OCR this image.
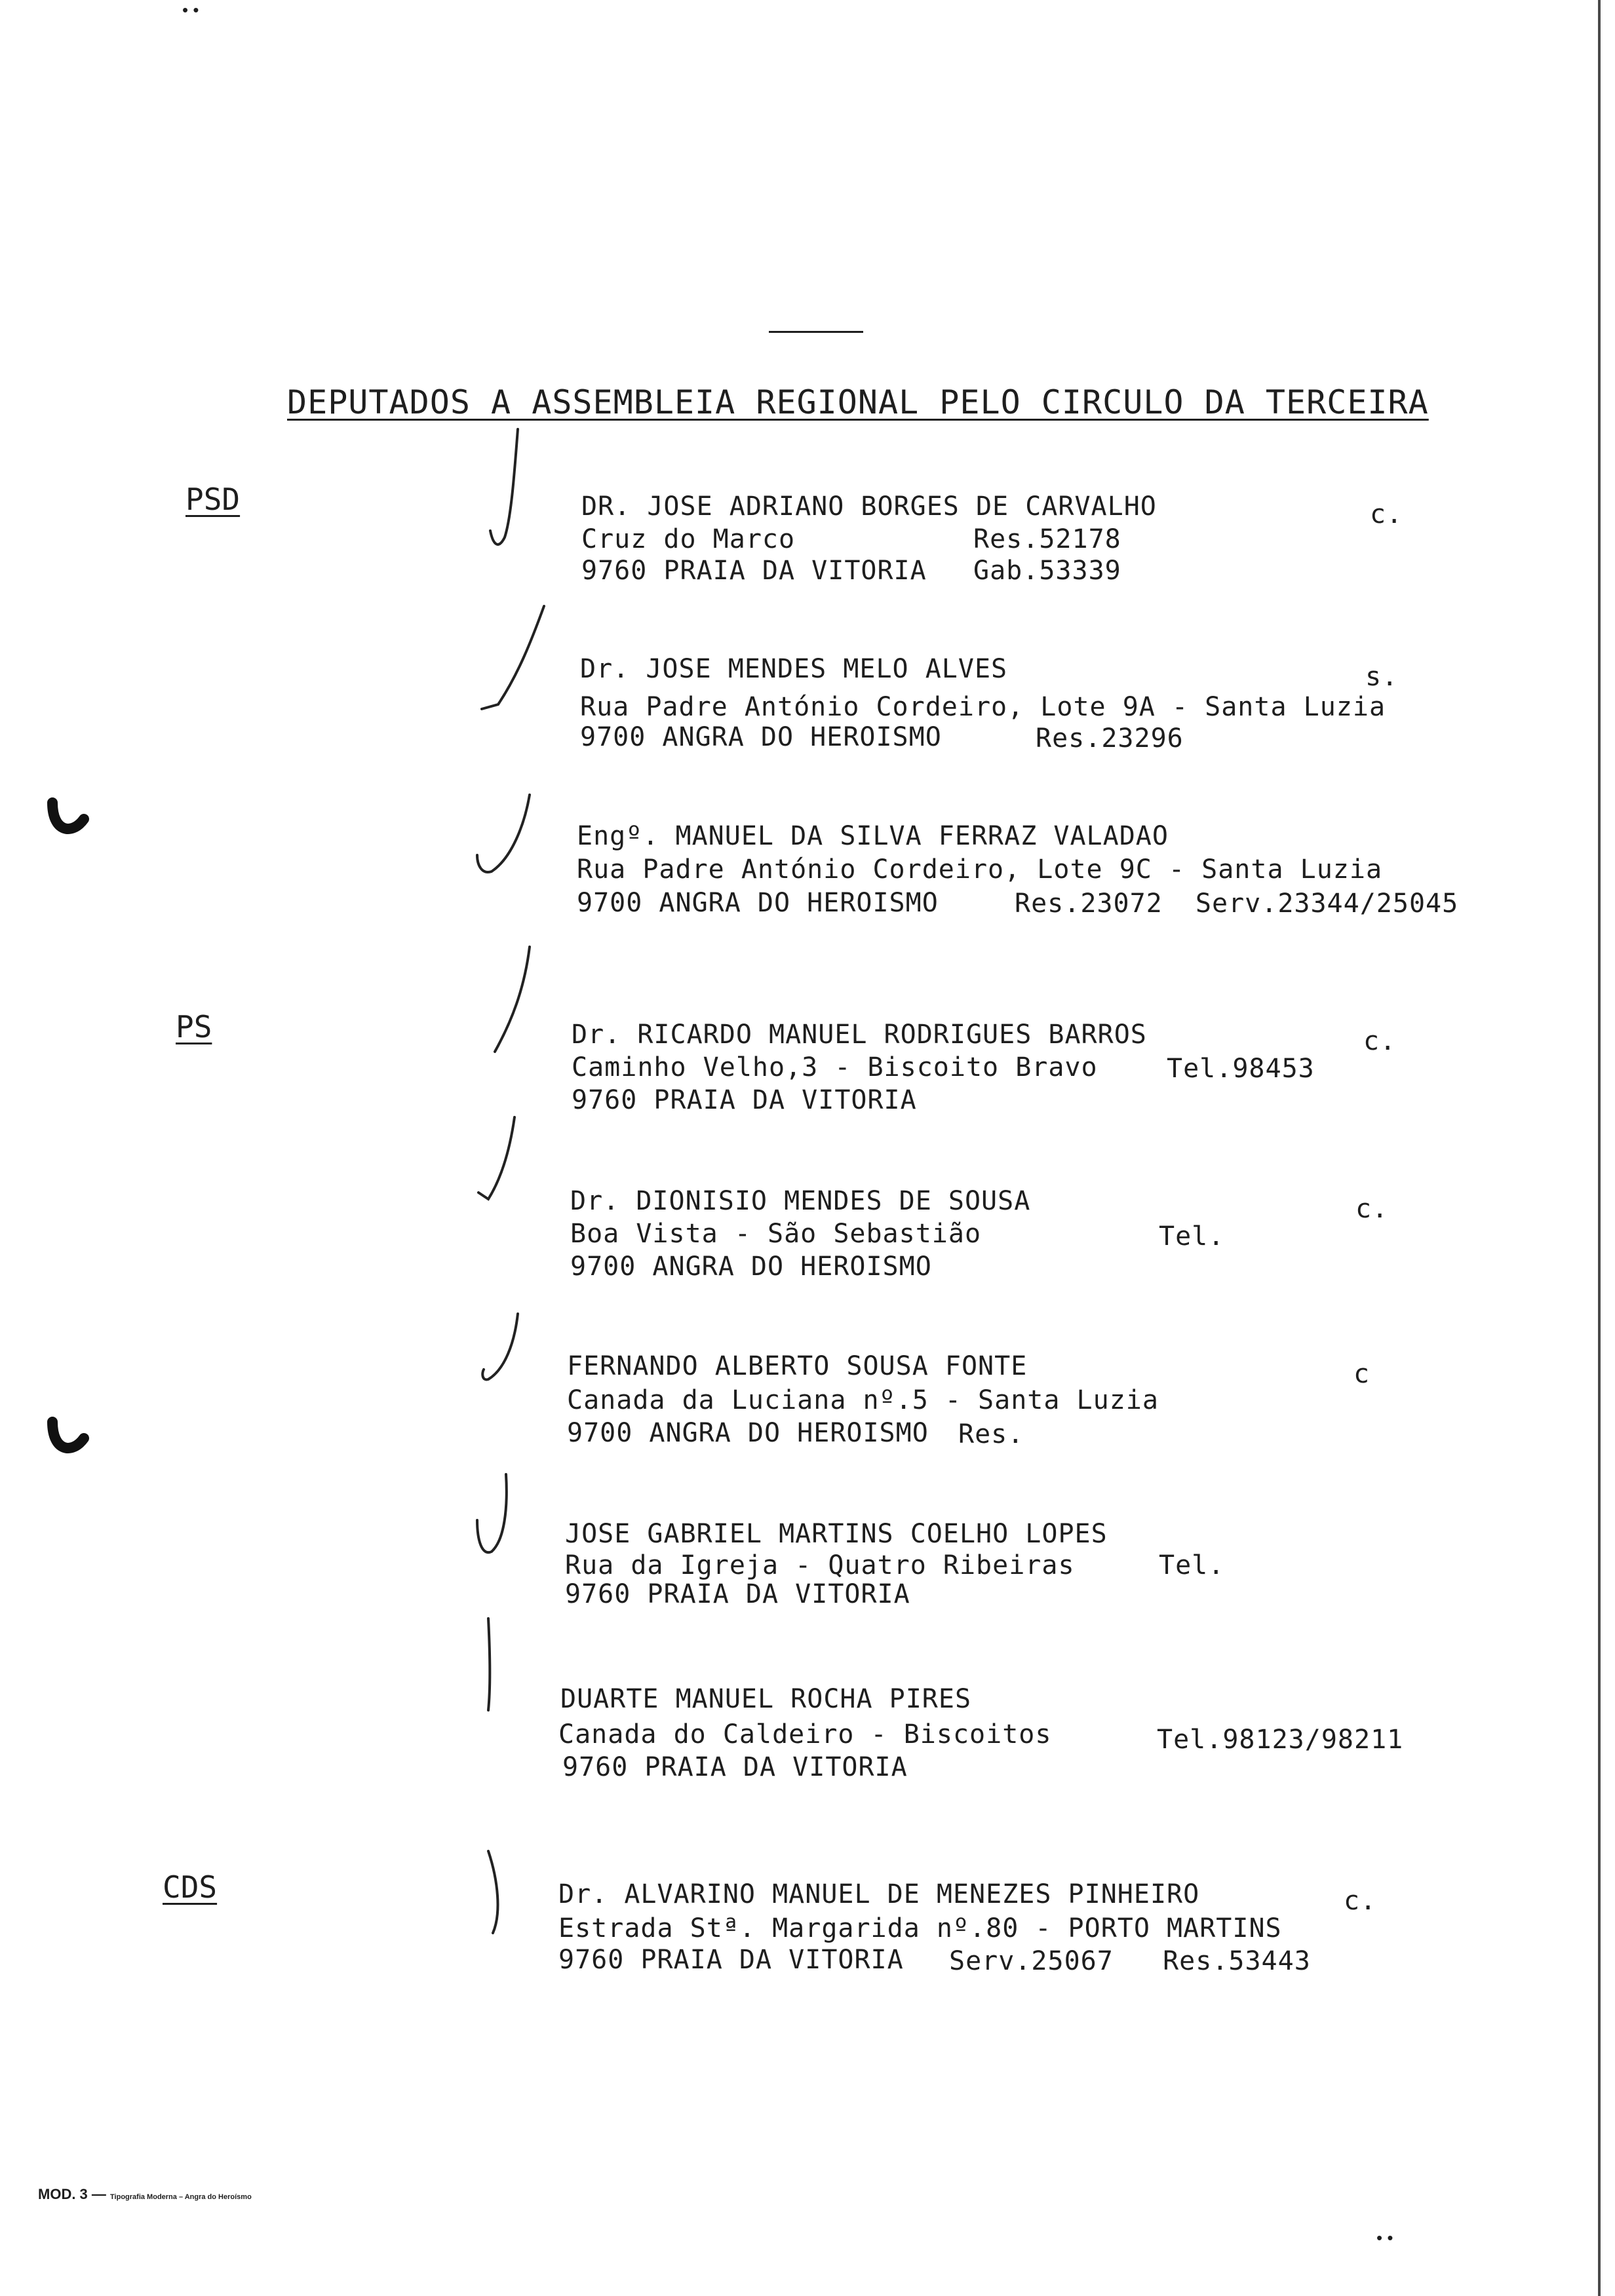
• •
• •
DEPUTADOS A ASSEMBLEIA REGIONAL PELO CIRCULO DA TERCEIRA
PSD
PS
CDS
DR. JOSE ADRIANO BORGES DE CARVALHO	c.
Cruz do Marco	Res.52178
9760 PRAIA DA VITORIA Gab.53339
Dr. JOSE MENDES MELO ALVES	s.
Rua Padre António Cordeiro, Lote 9A - Santa Luzia
9700 ANGRA DO HEROISMO	Res.23296
Engº. MANUEL DA SILVA FERRAZ VALADAO
Rua Padre António Cordeiro, Lote 9C - Santa Luzia
9700 ANGRA DO HEROISMO	Res.23072  Serv.23344/25045
Dr. RICARDO MANUEL RODRIGUES BARROS	c.
Caminho Velho,3 - Biscoito Bravo	Tel.98453
9760 PRAIA DA VITORIA
Dr. DIONISIO MENDES DE SOUSA	c.
Boa Vista - São Sebastião	Tel.
9700 ANGRA DO HEROISMO
FERNANDO ALBERTO SOUSA FONTE	c
Canada da Luciana nº.5 - Santa Luzia
9700 ANGRA DO HEROISMO Res.
JOSE GABRIEL MARTINS COELHO LOPES
Rua da Igreja - Quatro Ribeiras	Tel.
9760 PRAIA DA VITORIA
DUARTE MANUEL ROCHA PIRES
Canada do Caldeiro - Biscoitos	Tel.98123/98211
9760 PRAIA DA VITORIA
Dr. ALVARINO MANUEL DE MENEZES PINHEIRO	c.
Estrada Stª. Margarida nº.80 - PORTO MARTINS
9760 PRAIA DA VITORIA Serv.25067   Res.53443
MOD. 3 — Tipografia Moderna – Angra do Heroísmo
